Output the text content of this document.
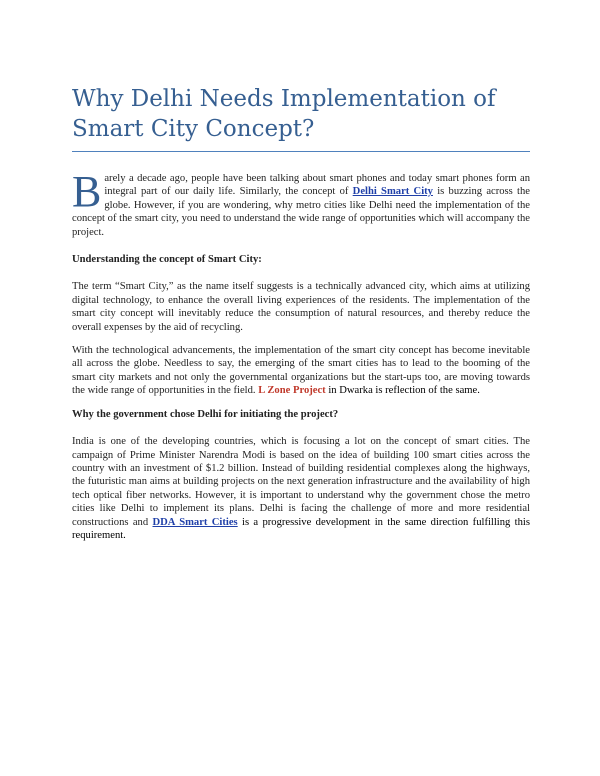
Why Delhi Needs Implementation of Smart City Concept?

Barely a decade ago, people have been talking about smart phones and today smart phones form an integral part of our daily life. Similarly, the concept of Delhi Smart City is buzzing across the globe. However, if you are wondering, why metro cities like Delhi need the implementation of the concept of the smart city, you need to understand the wide range of opportunities which will accompany the project.

Understanding the concept of Smart City:

The term “Smart City,” as the name itself suggests is a technically advanced city, which aims at utilizing digital technology, to enhance the overall living experiences of the residents. The implementation of the smart city concept will inevitably reduce the consumption of natural resources, and thereby reduce the overall expenses by the aid of recycling.

With the technological advancements, the implementation of the smart city concept has become inevitable all across the globe. Needless to say, the emerging of the smart cities has to lead to the booming of the smart city markets and not only the governmental organizations but the start-ups too, are moving towards the wide range of opportunities in the field. L Zone Project in Dwarka is reflection of the same.

Why the government chose Delhi for initiating the project?

India is one of the developing countries, which is focusing a lot on the concept of smart cities. The campaign of Prime Minister Narendra Modi is based on the idea of building 100 smart cities across the country with an investment of $1.2 billion. Instead of building residential complexes along the highways, the futuristic man aims at building projects on the next generation infrastructure and the availability of high tech optical fiber networks. However, it is important to understand why the government chose the metro cities like Delhi to implement its plans. Delhi is facing the challenge of more and more residential constructions and DDA Smart Cities is a progressive development in the same direction fulfilling this requirement.
